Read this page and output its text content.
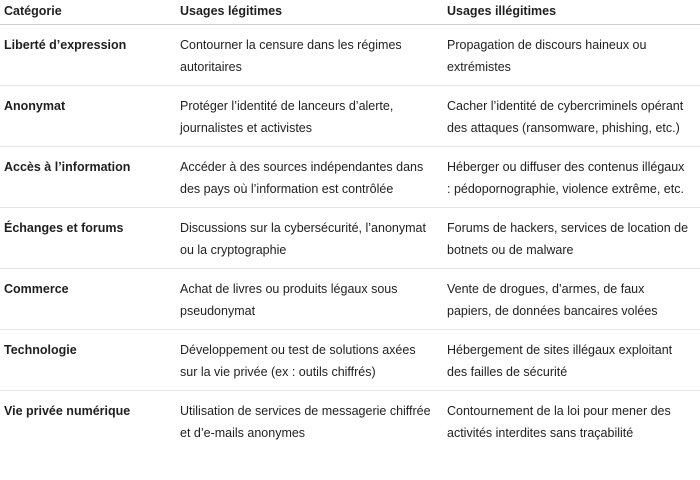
Catégorie	Usages légitimes	Usages illégitimes

Liberté d’expression	Contourner la censure dans les régimes autoritaires	Propagation de discours haineux ou extrémistes
Anonymat	Protéger l’identité de lanceurs d’alerte, journalistes et activistes	Cacher l’identité de cybercriminels opérant des attaques (ransomware, phishing, etc.)
Accès à l’information	Accéder à des sources indépendantes dans des pays où l’information est contrôlée	Héberger ou diffuser des contenus illégaux : pédopornographie, violence extrême, etc.
Échanges et forums	Discussions sur la cybersécurité, l’anonymat ou la cryptographie	Forums de hackers, services de location de botnets ou de malware
Commerce	Achat de livres ou produits légaux sous pseudonymat	Vente de drogues, d’armes, de faux papiers, de données bancaires volées
Technologie	Développement ou test de solutions axées sur la vie privée (ex : outils chiffrés)	Hébergement de sites illégaux exploitant des failles de sécurité
Vie privée numérique	Utilisation de services de messagerie chiffrée et d’e-mails anonymes	Contournement de la loi pour mener des activités interdites sans traçabilité
